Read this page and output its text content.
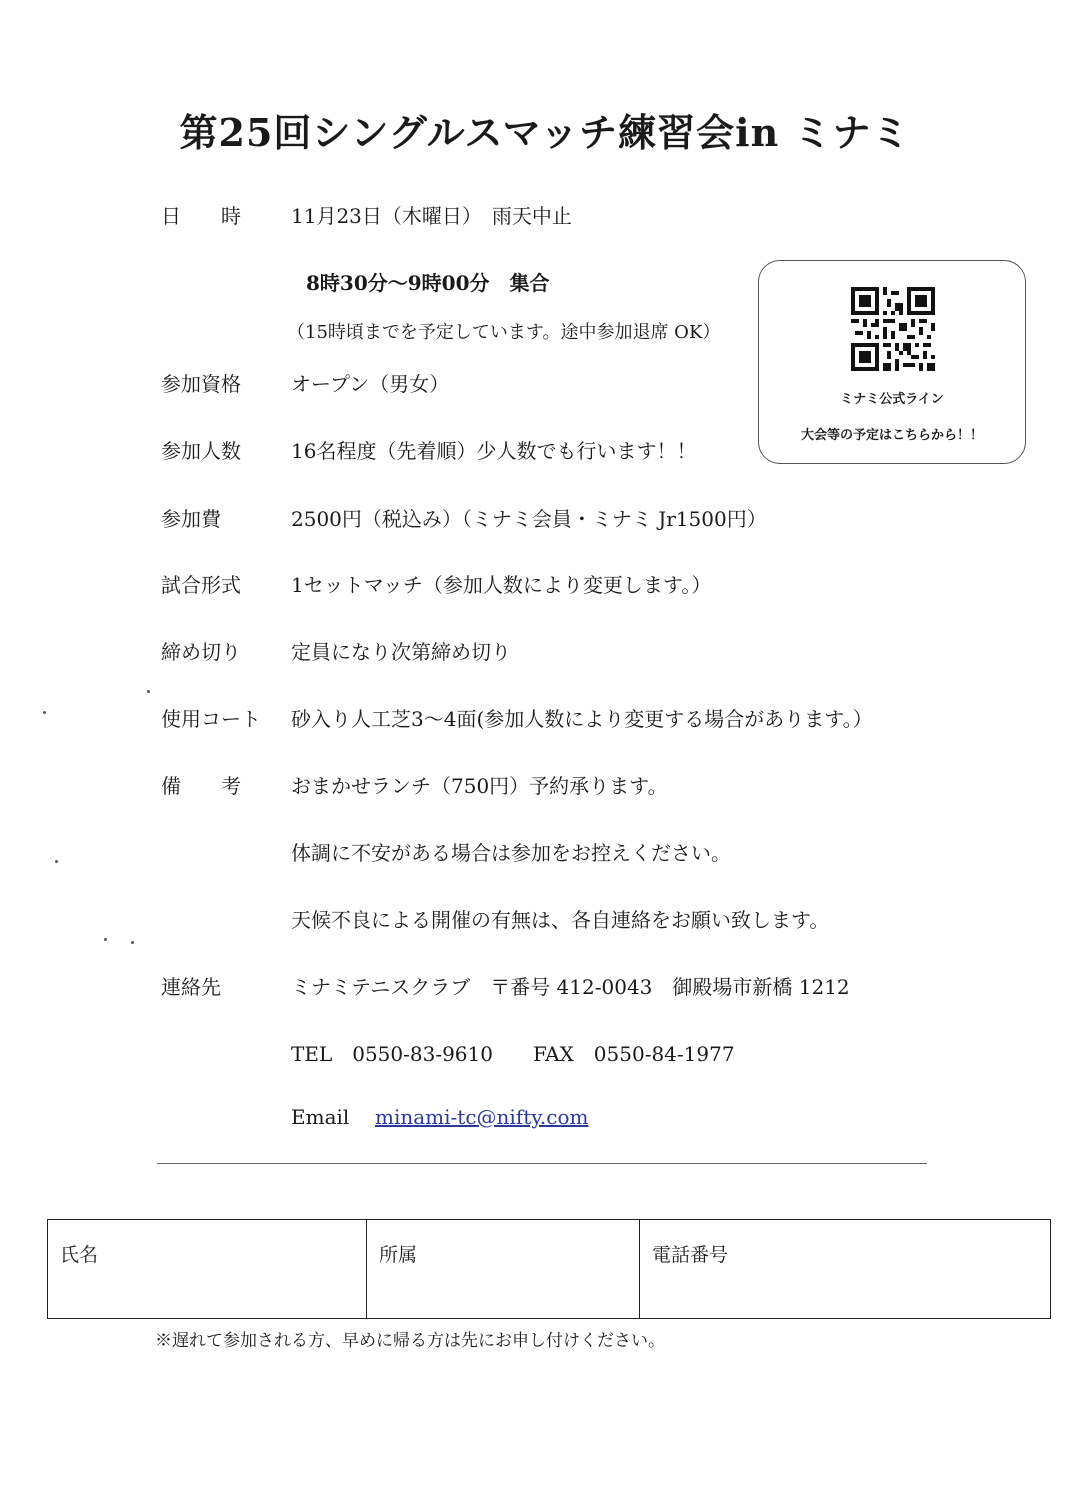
第25回シングルスマッチ練習会in ミナミ
日　　時	11月23日（木曜日）　雨天中止
8時30分〜9時00分　集合
（15時頃までを予定しています。途中参加退席 OK）
ミナミ公式ライン
大会等の予定はこちらから！！
参加資格	オープン（男女）
参加人数	16名程度（先着順）少人数でも行います！！
参加費	2500円（税込み）（ミナミ会員・ミナミ Jr1500円）
試合形式	1セットマッチ（参加人数により変更します。）
締め切り	定員になり次第締め切り
使用コート 砂入り人工芝3〜4面(参加人数により変更する場合があります。）
備　　考	おまかせランチ（750円）予約承ります。
体調に不安がある場合は参加をお控えください。
天候不良による開催の有無は、各自連絡をお願い致します。
連絡先	ミナミテニスクラブ　〒番号 412-0043　御殿場市新橋 1212
TEL　0550-83-9610　　FAX　0550-84-1977
Email minami-tc@nifty.com
氏名	所属	電話番号
※遅れて参加される方、早めに帰る方は先にお申し付けください。
